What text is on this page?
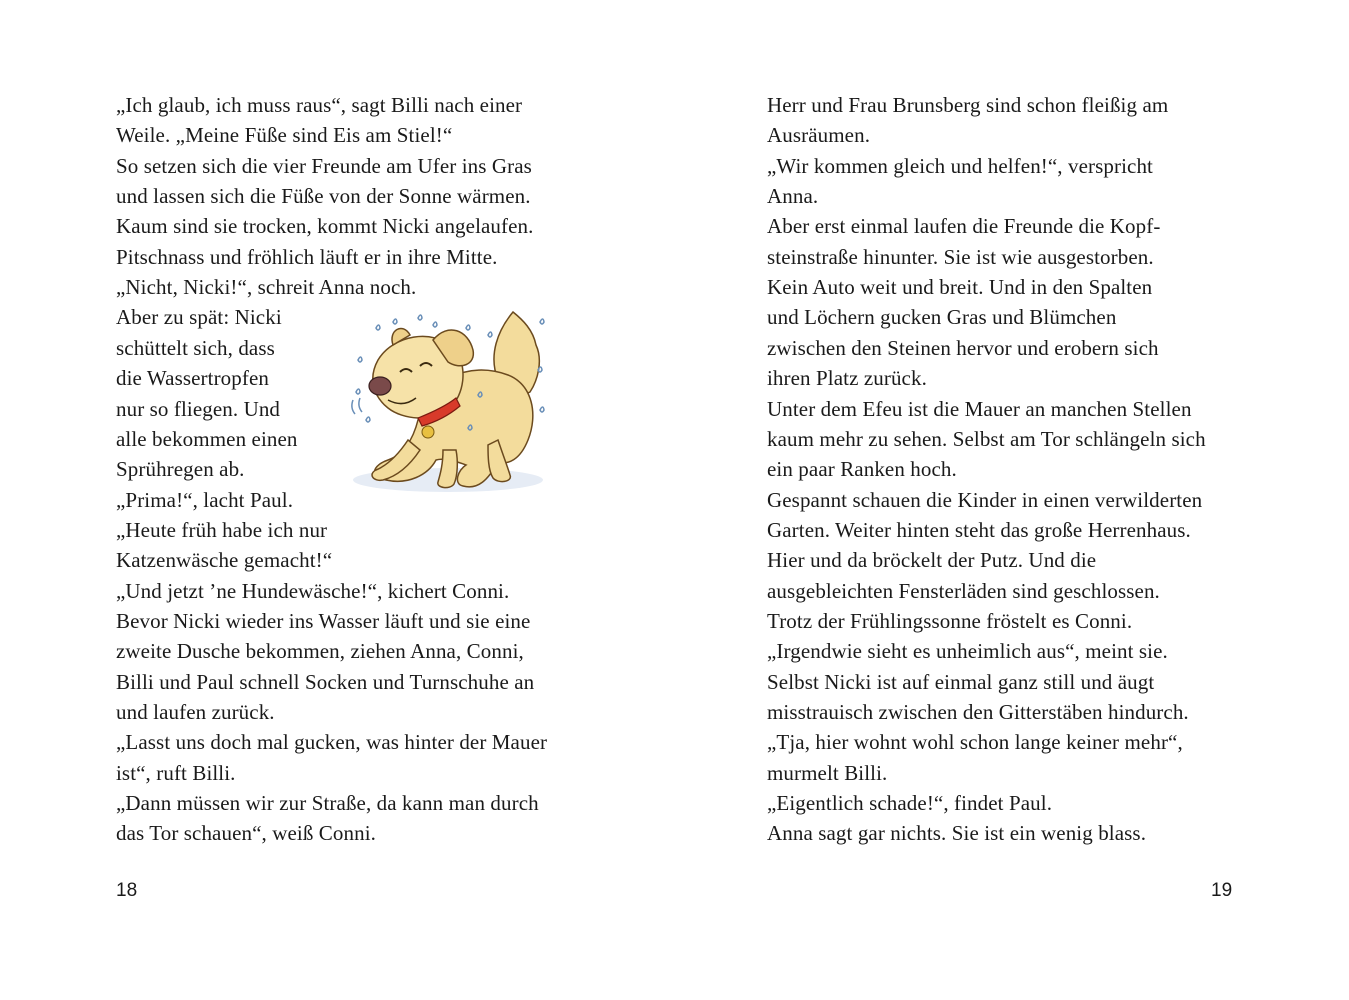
„Ich glaub, ich muss raus“, sagt Billi nach einer
Weile. „Meine Füße sind Eis am Stiel!“
So setzen sich die vier Freunde am Ufer ins Gras
und lassen sich die Füße von der Sonne wärmen.
Kaum sind sie trocken, kommt Nicki angelaufen.
Pitschnass und fröhlich läuft er in ihre Mitte.
„Nicht, Nicki!“, schreit Anna noch.
Aber zu spät: Nicki
schüttelt sich, dass
die Wassertropfen
nur so fliegen. Und
alle bekommen einen
Sprühregen ab.
„Prima!“, lacht Paul.
„Heute früh habe ich nur
Katzenwäsche gemacht!“
„Und jetzt ’ne Hundewäsche!“, kichert Conni.
Bevor Nicki wieder ins Wasser läuft und sie eine
zweite Dusche bekommen, ziehen Anna, Conni,
Billi und Paul schnell Socken und Turnschuhe an
und laufen zurück.
„Lasst uns doch mal gucken, was hinter der Mauer
ist“, ruft Billi.
„Dann müssen wir zur Straße, da kann man durch
das Tor schauen“, weiß Conni.
18
Herr und Frau Brunsberg sind schon fleißig am
Ausräumen.
„Wir kommen gleich und helfen!“, verspricht
Anna.
Aber erst einmal laufen die Freunde die Kopf-
steinstraße hinunter. Sie ist wie ausgestorben.
Kein Auto weit und breit. Und in den Spalten
und Löchern gucken Gras und Blümchen
zwischen den Steinen hervor und erobern sich
ihren Platz zurück.
Unter dem Efeu ist die Mauer an manchen Stellen
kaum mehr zu sehen. Selbst am Tor schlängeln sich
ein paar Ranken hoch.
Gespannt schauen die Kinder in einen verwilderten
Garten. Weiter hinten steht das große Herrenhaus.
Hier und da bröckelt der Putz. Und die
ausgebleichten Fensterläden sind geschlossen.
Trotz der Frühlingssonne fröstelt es Conni.
„Irgendwie sieht es unheimlich aus“, meint sie.
Selbst Nicki ist auf einmal ganz still und äugt
misstrauisch zwischen den Gitterstäben hindurch.
„Tja, hier wohnt wohl schon lange keiner mehr“,
murmelt Billi.
„Eigentlich schade!“, findet Paul.
Anna sagt gar nichts. Sie ist ein wenig blass.
19
